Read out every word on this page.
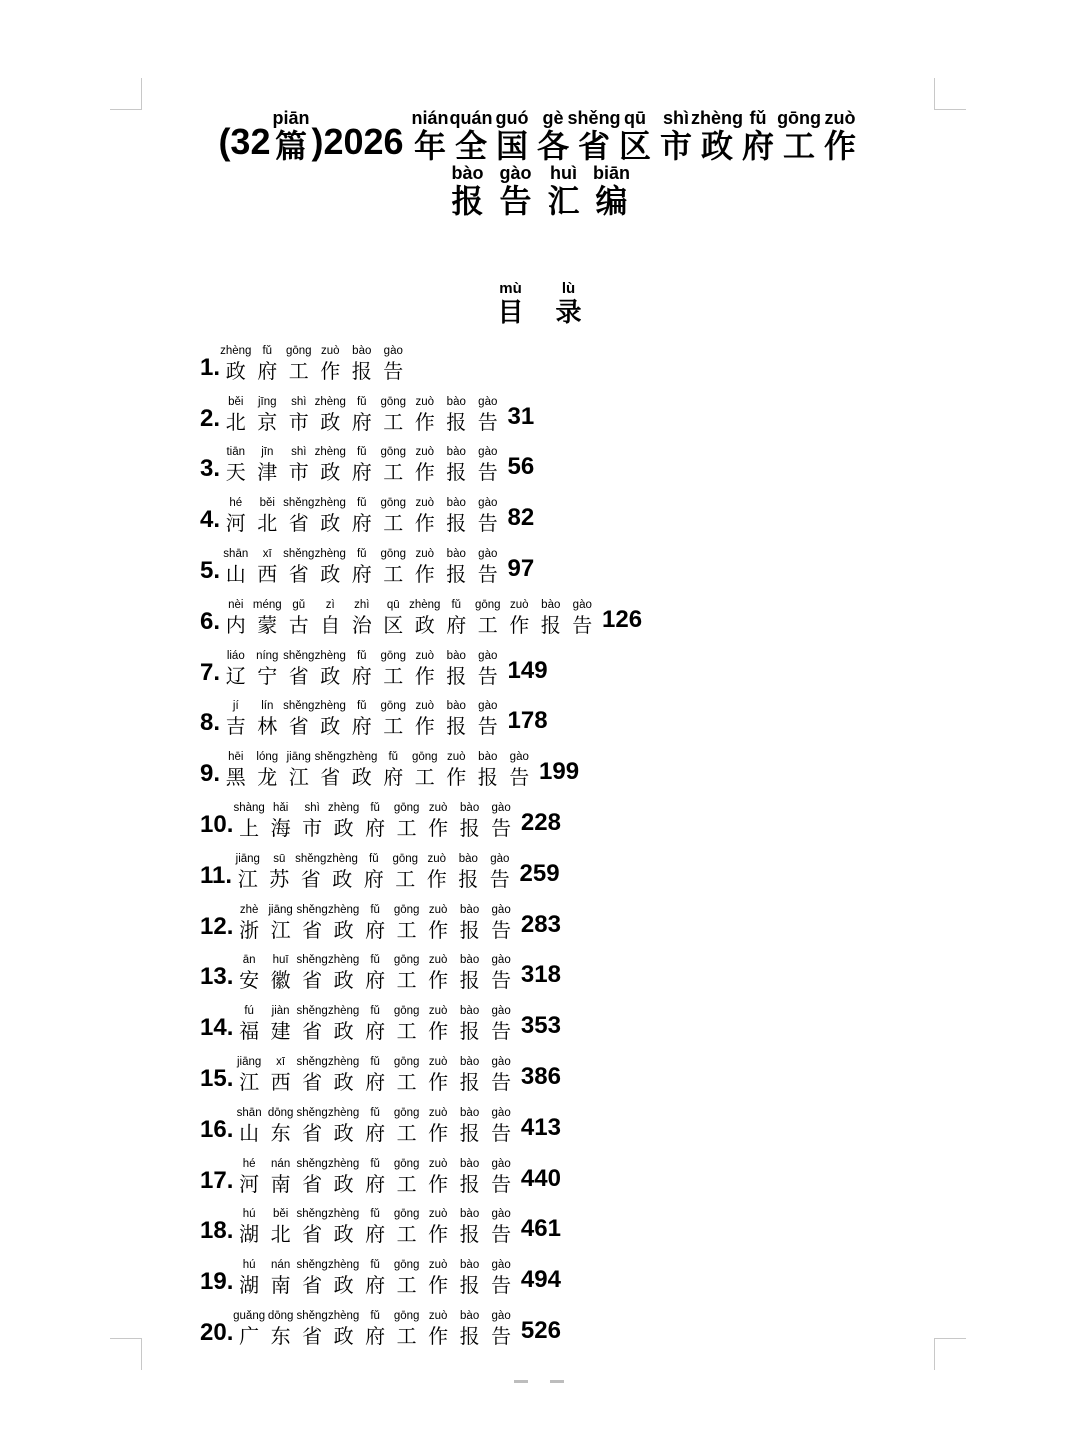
(32
piān
篇 )2026
nián
年
quán
全
guó
国
gè
各
shěng
省
qū
区
shì
市
zhèng
政
fǔ
府
gōng
工
zuò
作
bào
报
gào
告
huì
汇
biān
编
mù
目
lù
录
1.
zhèng
政
fǔ
府
gōng
工
zuò
作
bào
报
gào
告
2.
běi
北
jīng
京
shì
市
zhèng
政
fǔ
府
gōng
工
zuò
作
bào
报
gào
告 31
3.
tiān
天
jīn
津
shì
市
zhèng
政
fǔ
府
gōng
工
zuò
作
bào
报
gào
告 56
4.
hé
河
běi
北
shěng
省
zhèng
政
fǔ
府
gōng
工
zuò
作
bào
报
gào
告 82
5.
shān
山
xī
西
shěng
省
zhèng
政
fǔ
府
gōng
工
zuò
作
bào
报
gào
告 97
6.
nèi
内
méng
蒙
gǔ
古
zì
自
zhì
治
qū
区
zhèng
政
fǔ
府
gōng
工
zuò
作
bào
报
gào
告 126
7.
liáo
辽
níng
宁
shěng
省
zhèng
政
fǔ
府
gōng
工
zuò
作
bào
报
gào
告 149
8.
jí
吉
lín
林
shěng
省
zhèng
政
fǔ
府
gōng
工
zuò
作
bào
报
gào
告 178
9.
hēi
黑
lóng
龙
jiāng
江
shěng
省
zhèng
政
fǔ
府
gōng
工
zuò
作
bào
报
gào
告 199
10.
shàng
上
hǎi
海
shì
市
zhèng
政
fǔ
府
gōng
工
zuò
作
bào
报
gào
告 228
11.
jiāng
江
sū
苏
shěng
省
zhèng
政
fǔ
府
gōng
工
zuò
作
bào
报
gào
告 259
12.
zhè
浙
jiāng
江
shěng
省
zhèng
政
fǔ
府
gōng
工
zuò
作
bào
报
gào
告 283
13.
ān
安
huī
徽
shěng
省
zhèng
政
fǔ
府
gōng
工
zuò
作
bào
报
gào
告 318
14.
fú
福
jiàn
建
shěng
省
zhèng
政
fǔ
府
gōng
工
zuò
作
bào
报
gào
告 353
15.
jiāng
江
xī
西
shěng
省
zhèng
政
fǔ
府
gōng
工
zuò
作
bào
报
gào
告 386
16.
shān
山
dōng
东
shěng
省
zhèng
政
fǔ
府
gōng
工
zuò
作
bào
报
gào
告 413
17.
hé
河
nán
南
shěng
省
zhèng
政
fǔ
府
gōng
工
zuò
作
bào
报
gào
告 440
18.
hú
湖
běi
北
shěng
省
zhèng
政
fǔ
府
gōng
工
zuò
作
bào
报
gào
告 461
19.
hú
湖
nán
南
shěng
省
zhèng
政
fǔ
府
gōng
工
zuò
作
bào
报
gào
告 494
20.
guǎng
广
dōng
东
shěng
省
zhèng
政
fǔ
府
gōng
工
zuò
作
bào
报
gào
告 526
